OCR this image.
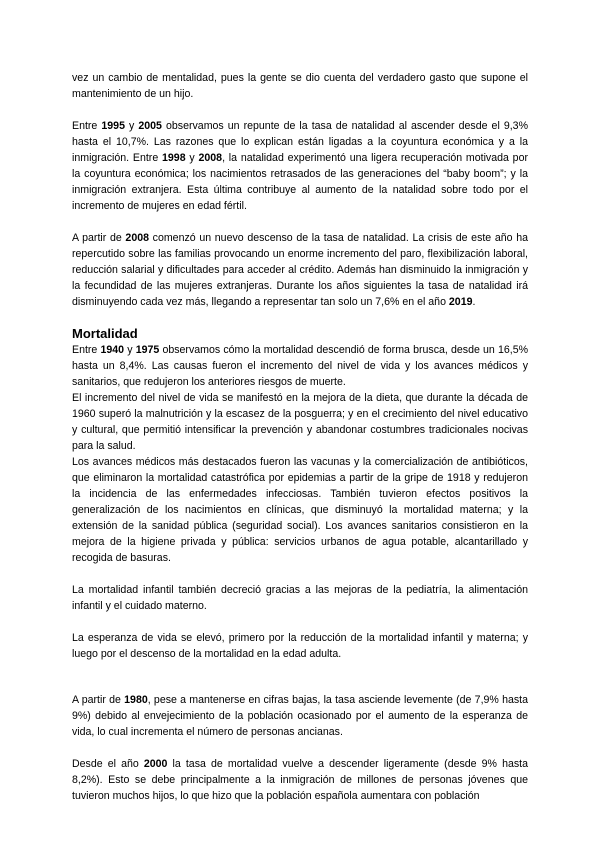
vez un cambio de mentalidad, pues la gente se dio cuenta del verdadero gasto que supone el mantenimiento de un hijo.

Entre 1995 y 2005 observamos un repunte de la tasa de natalidad al ascender desde el 9,3% hasta el 10,7%. Las razones que lo explican están ligadas a la coyuntura económica y a la inmigración. Entre 1998 y 2008, la natalidad experimentó una ligera recuperación motivada por la coyuntura económica; los nacimientos retrasados de las generaciones del “baby boom”; y la inmigración extranjera. Esta última contribuye al aumento de la natalidad sobre todo por el incremento de mujeres en edad fértil.

A partir de 2008 comenzó un nuevo descenso de la tasa de natalidad. La crisis de este año ha repercutido sobre las familias provocando un enorme incremento del paro, flexibilización laboral, reducción salarial y dificultades para acceder al crédito. Además han disminuido la inmigración y la fecundidad de las mujeres extranjeras. Durante los años siguientes la tasa de natalidad irá disminuyendo cada vez más, llegando a representar tan solo un 7,6% en el año 2019.

Mortalidad

Entre 1940 y 1975 observamos cómo la mortalidad descendió de forma brusca, desde un 16,5% hasta un 8,4%. Las causas fueron el incremento del nivel de vida y los avances médicos y sanitarios, que redujeron los anteriores riesgos de muerte.

El incremento del nivel de vida se manifestó en la mejora de la dieta, que durante la década de 1960 superó la malnutrición y la escasez de la posguerra; y en el crecimiento del nivel educativo y cultural, que permitió intensificar la prevención y abandonar costumbres tradicionales nocivas para la salud.

Los avances médicos más destacados fueron las vacunas y la comercialización de antibióticos, que eliminaron la mortalidad catastrófica por epidemias a partir de la gripe de 1918 y redujeron la incidencia de las enfermedades infecciosas. También tuvieron efectos positivos la generalización de los nacimientos en clínicas, que disminuyó la mortalidad materna; y la extensión de la sanidad pública (seguridad social). Los avances sanitarios consistieron en la mejora de la higiene privada y pública: servicios urbanos de agua potable, alcantarillado y recogida de basuras.

La mortalidad infantil también decreció gracias a las mejoras de la pediatría, la alimentación infantil y el cuidado materno.

La esperanza de vida se elevó, primero por la reducción de la mortalidad infantil y materna; y luego por el descenso de la mortalidad en la edad adulta.

A partir de 1980, pese a mantenerse en cifras bajas, la tasa asciende levemente (de 7,9% hasta 9%) debido al envejecimiento de la población ocasionado por el aumento de la esperanza de vida, lo cual incrementa el número de personas ancianas.

Desde el año 2000 la tasa de mortalidad vuelve a descender ligeramente (desde 9% hasta 8,2%). Esto se debe principalmente a la inmigración de millones de personas jóvenes que tuvieron muchos hijos, lo que hizo que la población española aumentara con población
